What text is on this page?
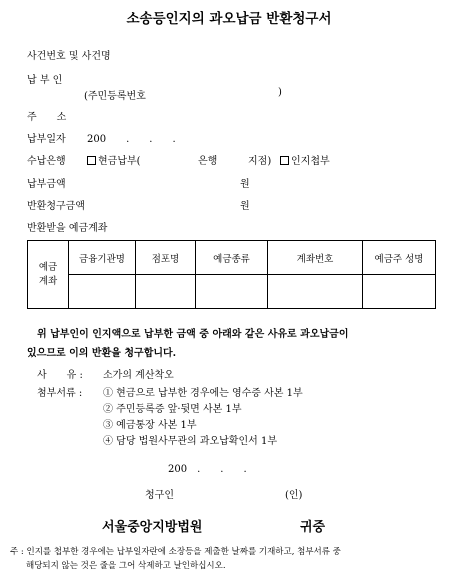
소송등인지의 과오납금 반환청구서
사건번호 및 사건명
납 부 인
(주민등록번호	)
주　　소
납부일자 200　　.　　.　　.
수납은행	현금납부(	은행	지점)	인지첩부
납부금액	원
반환청구금액	원
반환받을 예금계좌
예금
계좌	금융기관명	점포명	예금종류	계좌번호	예금주 성명

위 납부인이 인지액으로 납부한 금액 중 아래와 같은 사유로 과오납금이
있으므로 이의 반환을 청구합니다.
사　　유 : 소가의 계산착오
첨부서류 : ① 현금으로 납부한 경우에는 영수증 사본 1부
② 주민등록증 앞·뒷면 사본 1부
③ 예금통장 사본 1부
④ 담당 법원사무관의 과오납확인서 1부
200　.　　.　　.
청구인	(인)
서울중앙지방법원	귀중
주 : 인지를 첩부한 경우에는 납부일자란에 소장등을 제출한 날짜를 기재하고, 첨부서류 중
해당되지 않는 것은 줄을 그어 삭제하고 날인하십시오.
